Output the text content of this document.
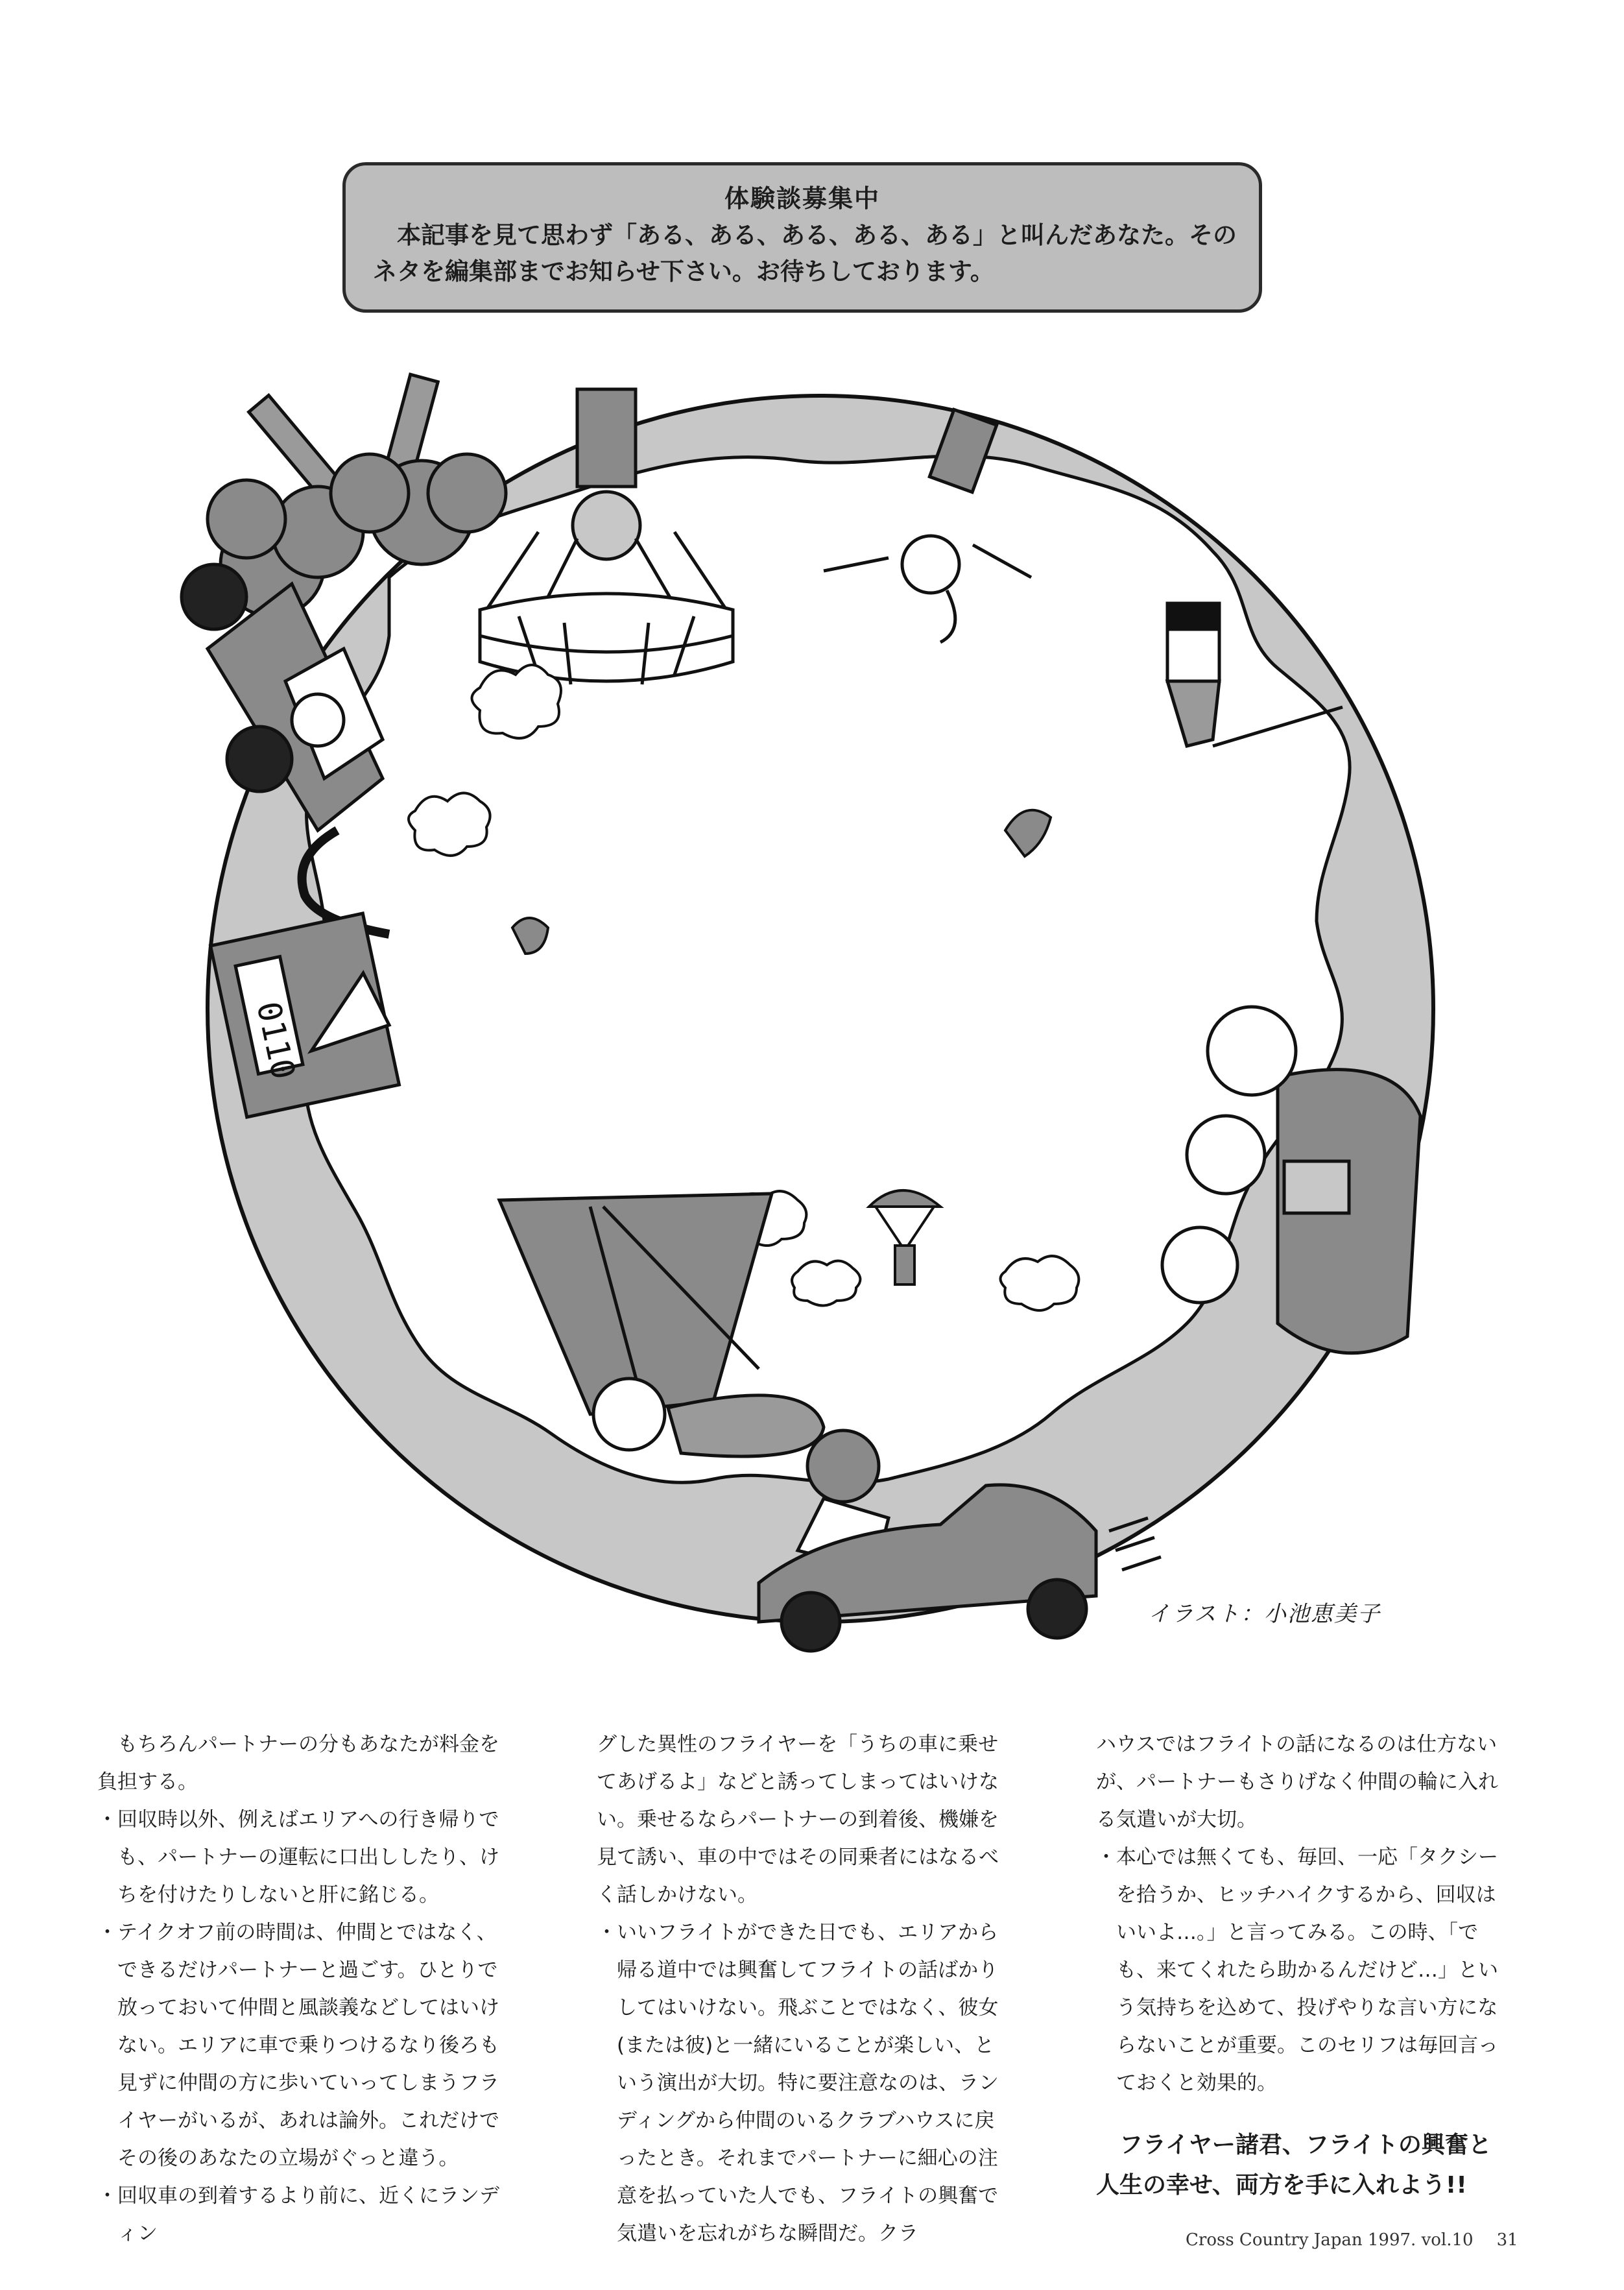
体験談募集中
本記事を見て思わず「ある、ある、ある、ある、ある」と叫んだあなた。そのネタを編集部までお知らせ下さい。お待ちしております。
0110
イラスト：小池恵美子

もちろんパートナーの分もあなたが料金を負担する。

・回収時以外、例えばエリアへの行き帰りでも、パートナーの運転に口出ししたり、けちを付けたりしないと肝に銘じる。

・テイクオフ前の時間は、仲間とではなく、できるだけパートナーと過ごす。ひとりで放っておいて仲間と風談義などしてはいけない。エリアに車で乗りつけるなり後ろも見ずに仲間の方に歩いていってしまうフライヤーがいるが、あれは論外。これだけでその後のあなたの立場がぐっと違う。

・回収車の到着するより前に、近くにランディン

グした異性のフライヤーを「うちの車に乗せてあげるよ」などと誘ってしまってはいけない。乗せるならパートナーの到着後、機嫌を見て誘い、車の中ではその同乗者にはなるべく話しかけない。

・いいフライトができた日でも、エリアから帰る道中では興奮してフライトの話ばかりしてはいけない。飛ぶことではなく、彼女(または彼)と一緒にいることが楽しい、という演出が大切。特に要注意なのは、ランディングから仲間のいるクラブハウスに戻ったとき。それまでパートナーに細心の注意を払っていた人でも、フライトの興奮で気遣いを忘れがちな瞬間だ。クラ

ハウスではフライトの話になるのは仕方ないが、パートナーもさりげなく仲間の輪に入れる気遣いが大切。

・本心では無くても、毎回、一応「タクシーを拾うか、ヒッチハイクするから、回収はいいよ…。」と言ってみる。この時、「でも、来てくれたら助かるんだけど…」という気持ちを込めて、投げやりな言い方にならないことが重要。このセリフは毎回言っておくと効果的。

フライヤー諸君、フライトの興奮と人生の幸せ、両方を手に入れよう!!

Cross Country Japan 1997. vol.10 31
